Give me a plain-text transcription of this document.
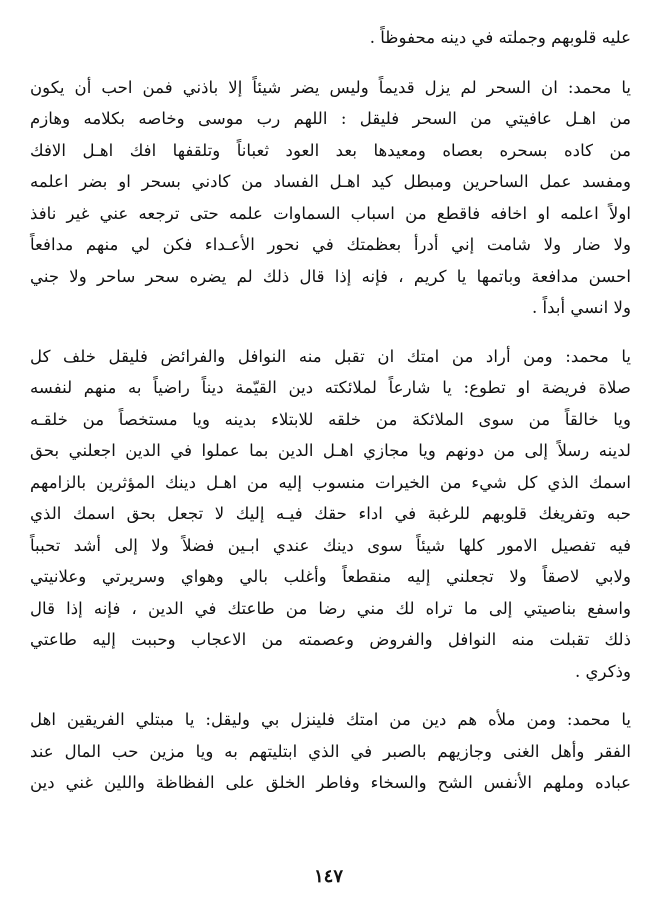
عليه قلوبهم وجملته في دينه محفوظاً .

يا محمد: ان السحر لم يزل قديماً وليس يضر شيئاً إلا باذني فمن احب أن يكون
من اهـل عافيتي من السحر فليقل : اللهم رب موسى وخاصه بكلامه وهازم
من كاده بسحره بعصاه ومعيدها بعد العود ثعباناً وتلقفها افك اهـل الافك
ومفسد عمل الساحرين ومبطل كيد اهـل الفساد من كادني بسحر او بضر اعلمه
اولاً اعلمه او اخافه فاقطع من اسباب السماوات علمه حتى ترجعه عني غير نافذ
ولا ضار ولا شامت إني أدرأ بعظمتك في نحور الأعـداء فكن لي منهم مدافعاً
احسن مدافعة وباتمها يا كريم ، فإنه إذا قال ذلك لم يضره سحر ساحر ولا جني
ولا انسي أبداً .

يا محمد: ومن أراد من امتك ان تقبل منه النوافل والفرائض فليقل خلف كل
صلاة فريضة او تطوع: يا شارعاً لملائكته دين القيّمة ديناً راضياً به منهم لنفسه
ويا خالقاً من سوى الملائكة من خلقه للابتلاء بدينه ويا مستخصاً من خلقـه
لدينه رسلاً إلى من دونهم ويا مجازي اهـل الدين بما عملوا في الدين اجعلني بحق
اسمك الذي كل شيء من الخيرات منسوب إليه من اهـل دينك المؤثرين بالزامهم
حبه وتفريغك قلوبهم للرغبة في اداء حقك فيـه إليك لا تجعل بحق اسمك الذي
فيه تفصيل الامور كلها شيئاً سوى دينك عندي ابـين فضلاً ولا إلى أشد تحبباً
ولابي لاصقاً ولا تجعلني إليه منقطعاً وأغلب بالي وهواي وسريرتي وعلانيتي
واسفع بناصيتي إلى ما تراه لك مني رضا من طاعتك في الدين ، فإنه إذا قال
ذلك تقبلت منه النوافل والفروض وعصمته من الاعجاب وحببت إليه طاعتي
وذكري .

يا محمد: ومن ملأه هم دين من امتك فلينزل بي وليقل: يا مبتلي الفريقين اهل
الفقر وأهل الغنى وجازيهم بالصبر في الذي ابتليتهم به ويا مزين حب المال عند
عباده وملهم الأنفس الشح والسخاء وفاطر الخلق على الفظاظة واللين غني دين

١٤٧
